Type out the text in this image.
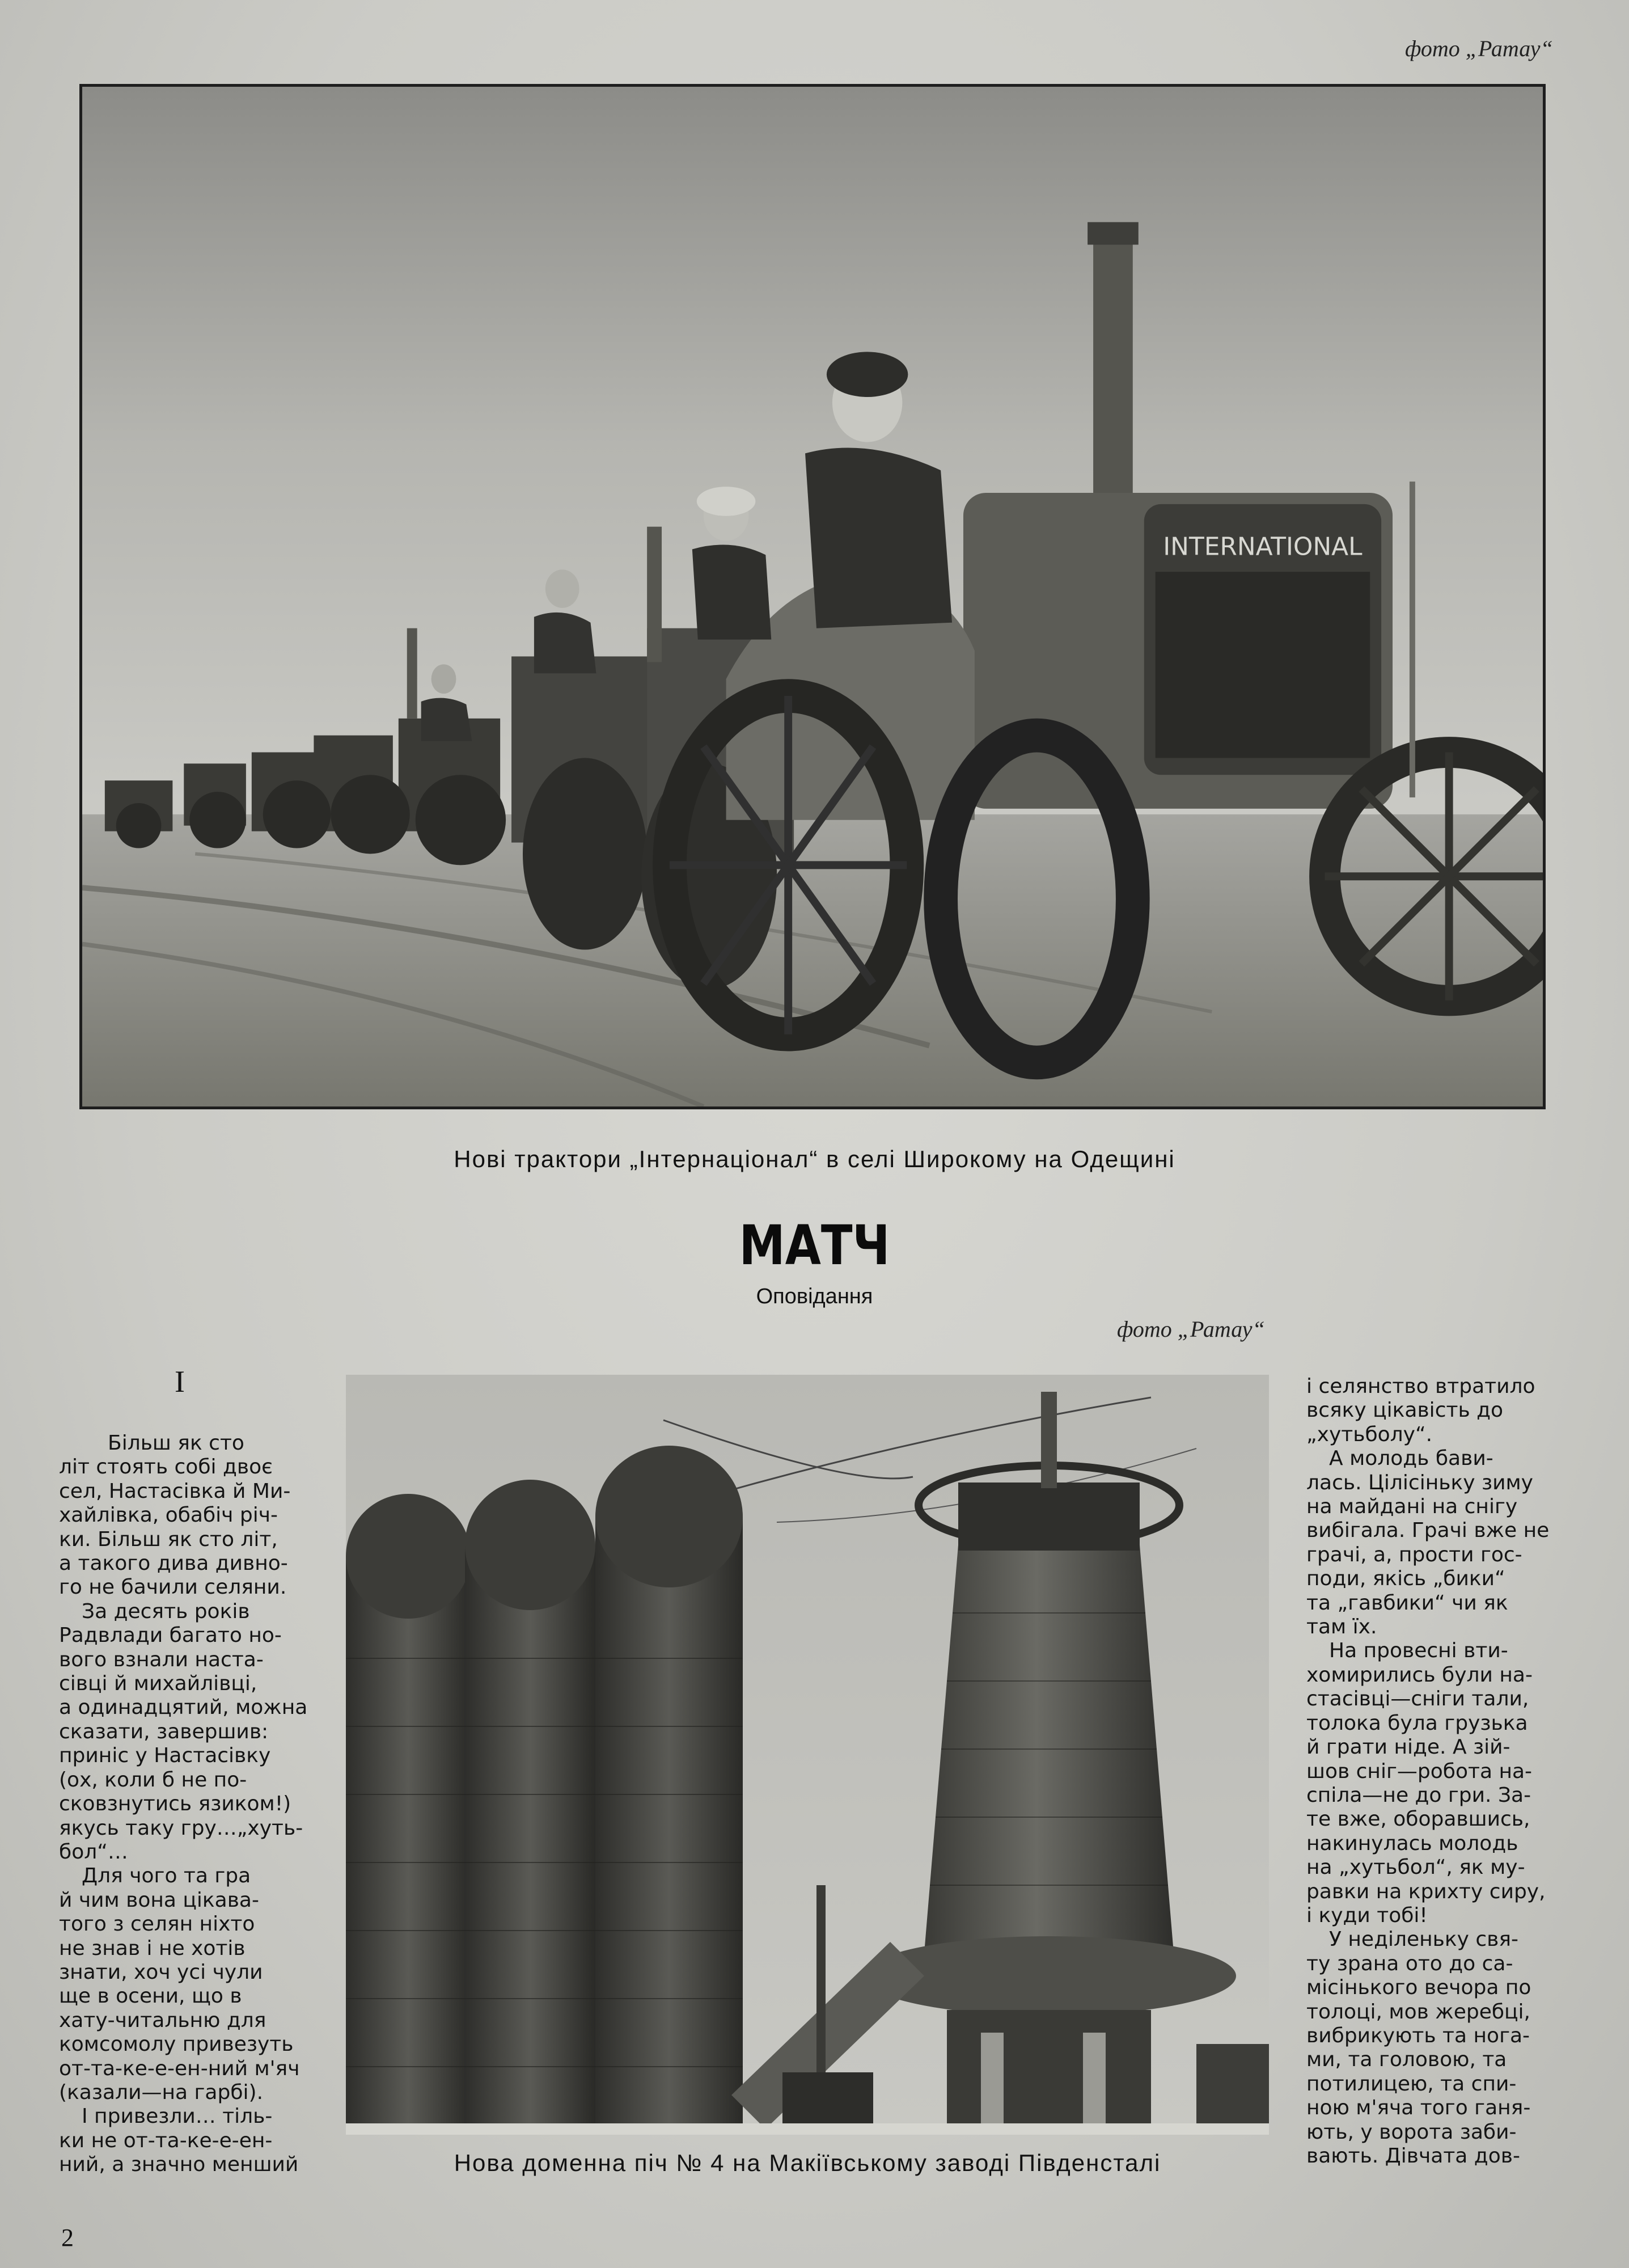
фото „Ратау“
INTERNATIONAL
Нові трактори „Інтернаціонал“ в селі Широкому на Одещині
МАТЧ
Оповідання
фото „Ратау“
І

Більш як сто

літ стоять собі двоє

сел, Настасівка й Ми-

хайлівка, обабіч річ-

ки. Більш як сто літ,

а такого дива дивно-

го не бачили селяни.

За десять років

Радвлади багато но-

вого взнали наста-

сівці й михайлівці,

а одинадцятий, можна

сказати, завершив:

приніс у Настасівку

(ох, коли б не по-

сковзнутись язиком!)

якусь таку гру…„хуть-

бол“…

Для чого та гра

й чим вона цікава-

того з селян ніхто

не знав і не хотів

знати, хоч усі чули

ще в осени, що в

хату-читальню для

комсомолу привезуть

от-та-ке-е-ен-ний м'яч

(казали—на гарбі).

І привезли… тіль-

ки не от-та-ке-е-ен-

ний, а значно менший	Нова доменна піч № 4 на Макіївському заводі Південсталі

і селянство втратило

всяку цікавість до

„хутьболу“.

А молодь бави-

лась. Цілісіньку зиму

на майдані на снігу

вибігала. Грачі вже не

грачі, а, прости гос-

поди, якісь „бики“

та „гавбики“ чи як

там їх.

На провесні вти-

хомирились були на-

стасівці—сніги тали,

толока була грузька

й грати ніде. А зій-

шов сніг—робота на-

спіла—не до гри. За-

те вже, оборавшись,

накинулась молодь

на „хутьбол“, як му-

равки на крихту сиру,

і куди тобі!

У неділеньку свя-

ту зрана ото до са-

місінького вечора по

толоці, мов жеребці,

вибрикують та нога-

ми, та головою, та

потилицею, та спи-

ною м'яча того ганя-

ють, у ворота заби-

вають. Дівчата дов-

2
